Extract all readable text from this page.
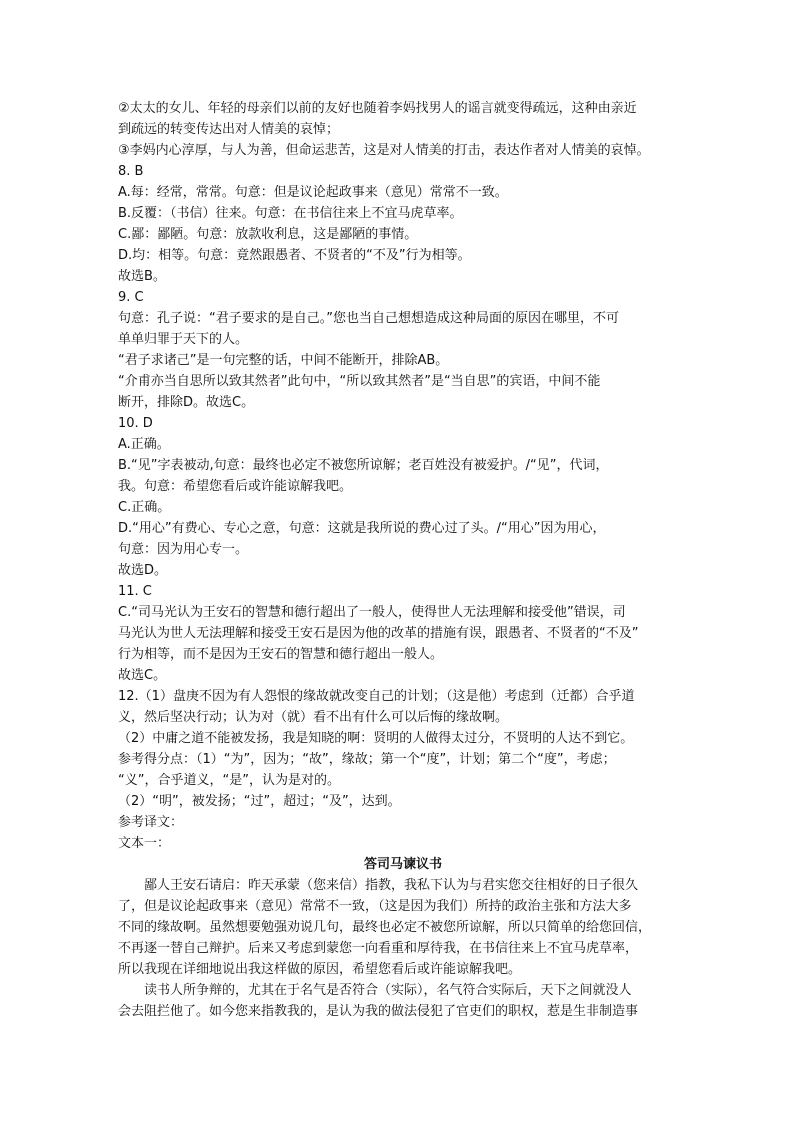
②太太的女儿、年轻的母亲们以前的友好也随着李妈找男人的谣言就变得疏远，这种由亲近
到疏远的转变传达出对人情美的哀悼；
③李妈内心淳厚，与人为善，但命运悲苦，这是对人情美的打击，表达作者对人情美的哀悼。
8. B
A.每：经常，常常。句意：但是议论起政事来（意见）常常不一致。
B.反覆：（书信）往来。句意：在书信往来上不宜马虎草率。
C.鄙：鄙陋。句意：放款收利息，这是鄙陋的事情。
D.均：相等。句意：竟然跟愚者、不贤者的“不及”行为相等。
故选B。
9. C
句意：孔子说：“君子要求的是自己。”您也当自己想想造成这种局面的原因在哪里，不可
单单归罪于天下的人。
“君子求诸己”是一句完整的话，中间不能断开，排除AB。
“介甫亦当自思所以致其然者”此句中，“所以致其然者”是“当自思”的宾语，中间不能
断开，排除D。故选C。
10. D
A.正确。
B.“见”字表被动,句意：最终也必定不被您所谅解；老百姓没有被爱护。/“见”，代词，
我。句意：希望您看后或许能谅解我吧。
C.正确。
D.“用心”有费心、专心之意，句意：这就是我所说的费心过了头。/“用心”因为用心，
句意：因为用心专一。
故选D。
11. C
C.“司马光认为王安石的智慧和德行超出了一般人，使得世人无法理解和接受他”错误，司
马光认为世人无法理解和接受王安石是因为他的改革的措施有误，跟愚者、不贤者的“不及”
行为相等，而不是因为王安石的智慧和德行超出一般人。
故选C。
12.（1）盘庚不因为有人怨恨的缘故就改变自己的计划；（这是他）考虑到（迁都）合乎道
义，然后坚决行动；认为对（就）看不出有什么可以后悔的缘故啊。
（2）中庸之道不能被发扬，我是知晓的啊：贤明的人做得太过分，不贤明的人达不到它。
参考得分点：（1）“为”，因为；“故”，缘故；第一个“度”，计划；第二个“度”，考虑；
“义”，合乎道义，“是”，认为是对的。
（2）“明”，被发扬；“过”，超过；“及”，达到。
参考译文：
文本一：
答司马谏议书
鄙人王安石请启：昨天承蒙（您来信）指教，我私下认为与君实您交往相好的日子很久
了，但是议论起政事来（意见）常常不一致，（这是因为我们）所持的政治主张和方法大多
不同的缘故啊。虽然想要勉强劝说几句，最终也必定不被您所谅解，所以只简单的给您回信，
不再逐一替自己辩护。后来又考虑到蒙您一向看重和厚待我，在书信往来上不宜马虎草率，
所以我现在详细地说出我这样做的原因，希望您看后或许能谅解我吧。
读书人所争辩的，尤其在于名气是否符合（实际），名气符合实际后，天下之间就没人
会去阻拦他了。如今您来指教我的，是认为我的做法侵犯了官吏们的职权，惹是生非制造事
